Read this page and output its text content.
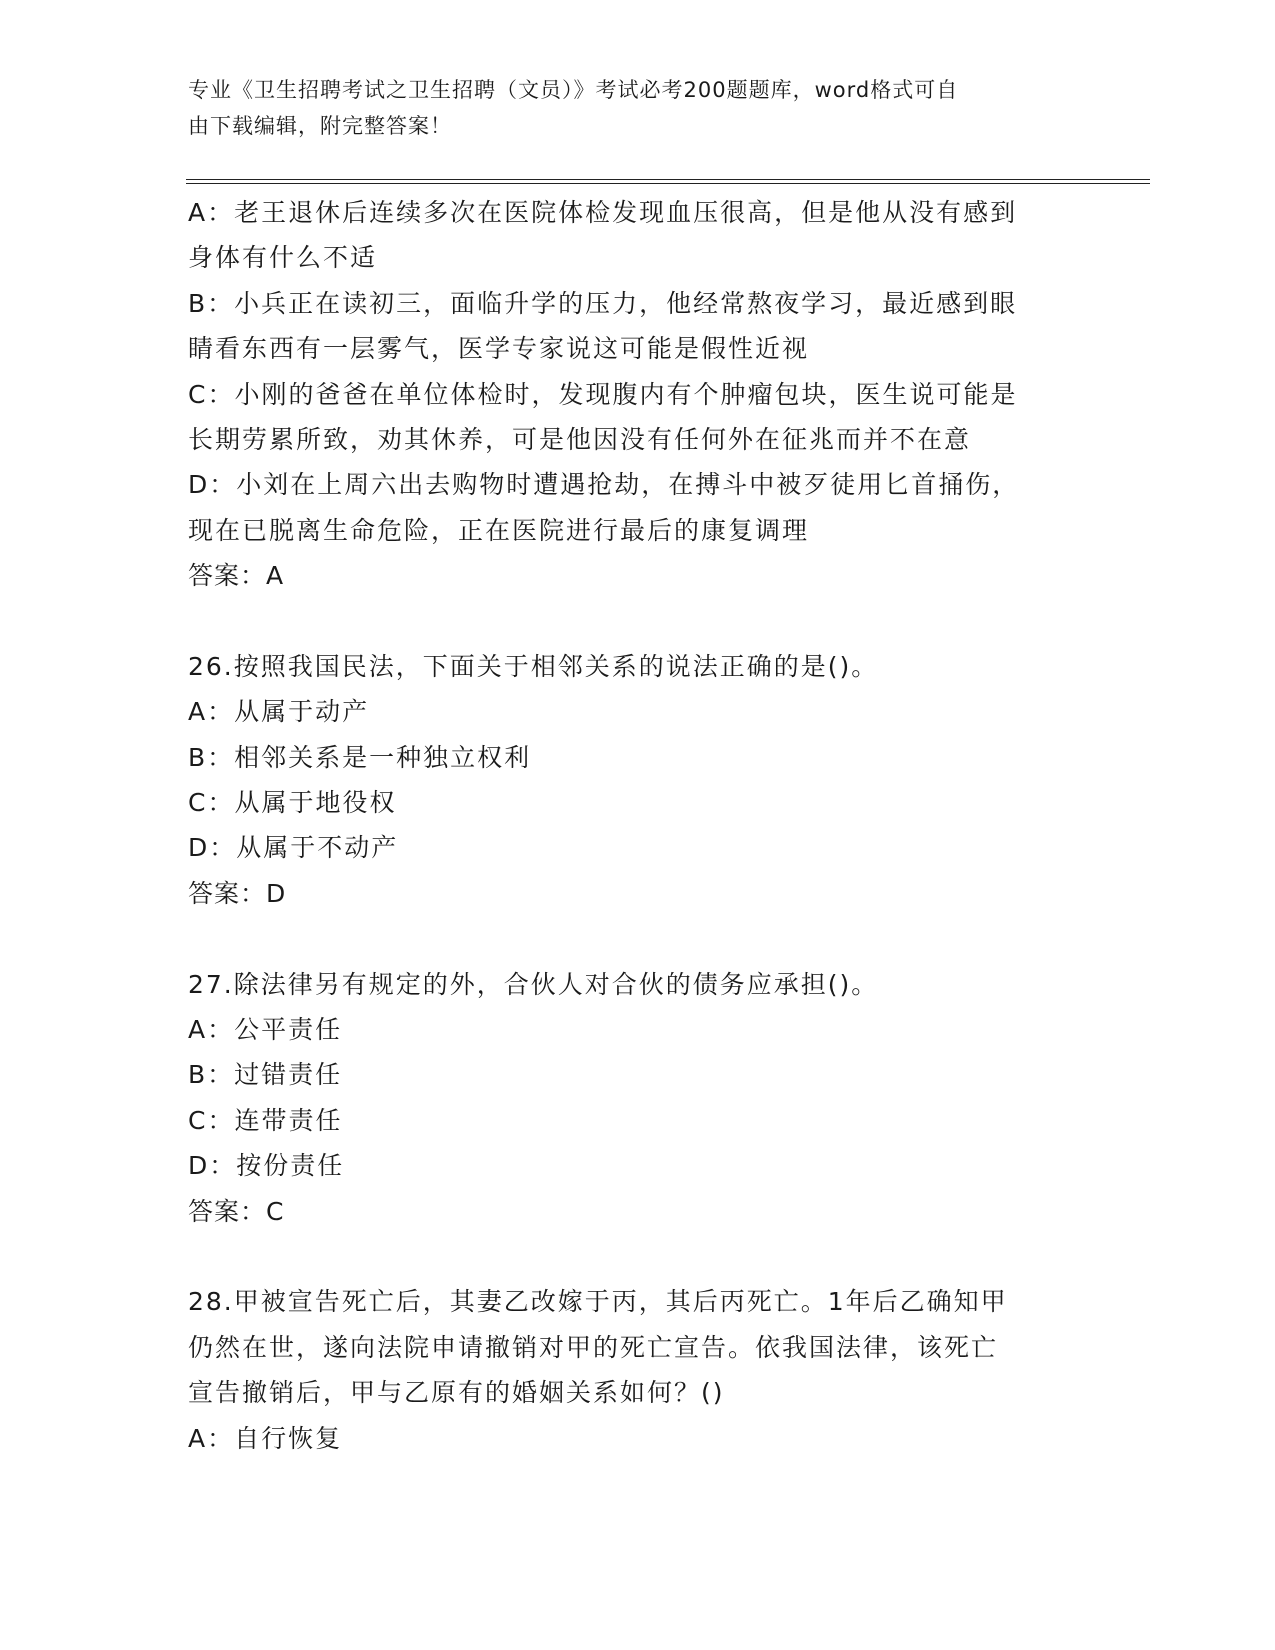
专业《卫生招聘考试之卫生招聘（文员）》考试必考200题题库，word格式可自
由下载编辑，附完整答案！
A：老王退休后连续多次在医院体检发现血压很高，但是他从没有感到
身体有什么不适
B：小兵正在读初三，面临升学的压力，他经常熬夜学习，最近感到眼
睛看东西有一层雾气，医学专家说这可能是假性近视
C：小刚的爸爸在单位体检时，发现腹内有个肿瘤包块，医生说可能是
长期劳累所致，劝其休养，可是他因没有任何外在征兆而并不在意
D：小刘在上周六出去购物时遭遇抢劫，在搏斗中被歹徒用匕首捅伤，
现在已脱离生命危险，正在医院进行最后的康复调理
答案：A
26.按照我国民法，下面关于相邻关系的说法正确的是()。
A：从属于动产
B：相邻关系是一种独立权利
C：从属于地役权
D：从属于不动产
答案：D
27.除法律另有规定的外，合伙人对合伙的债务应承担()。
A：公平责任
B：过错责任
C：连带责任
D：按份责任
答案：C
28.甲被宣告死亡后，其妻乙改嫁于丙，其后丙死亡。1年后乙确知甲
仍然在世，遂向法院申请撤销对甲的死亡宣告。依我国法律，该死亡
宣告撤销后，甲与乙原有的婚姻关系如何？()
A：自行恢复
